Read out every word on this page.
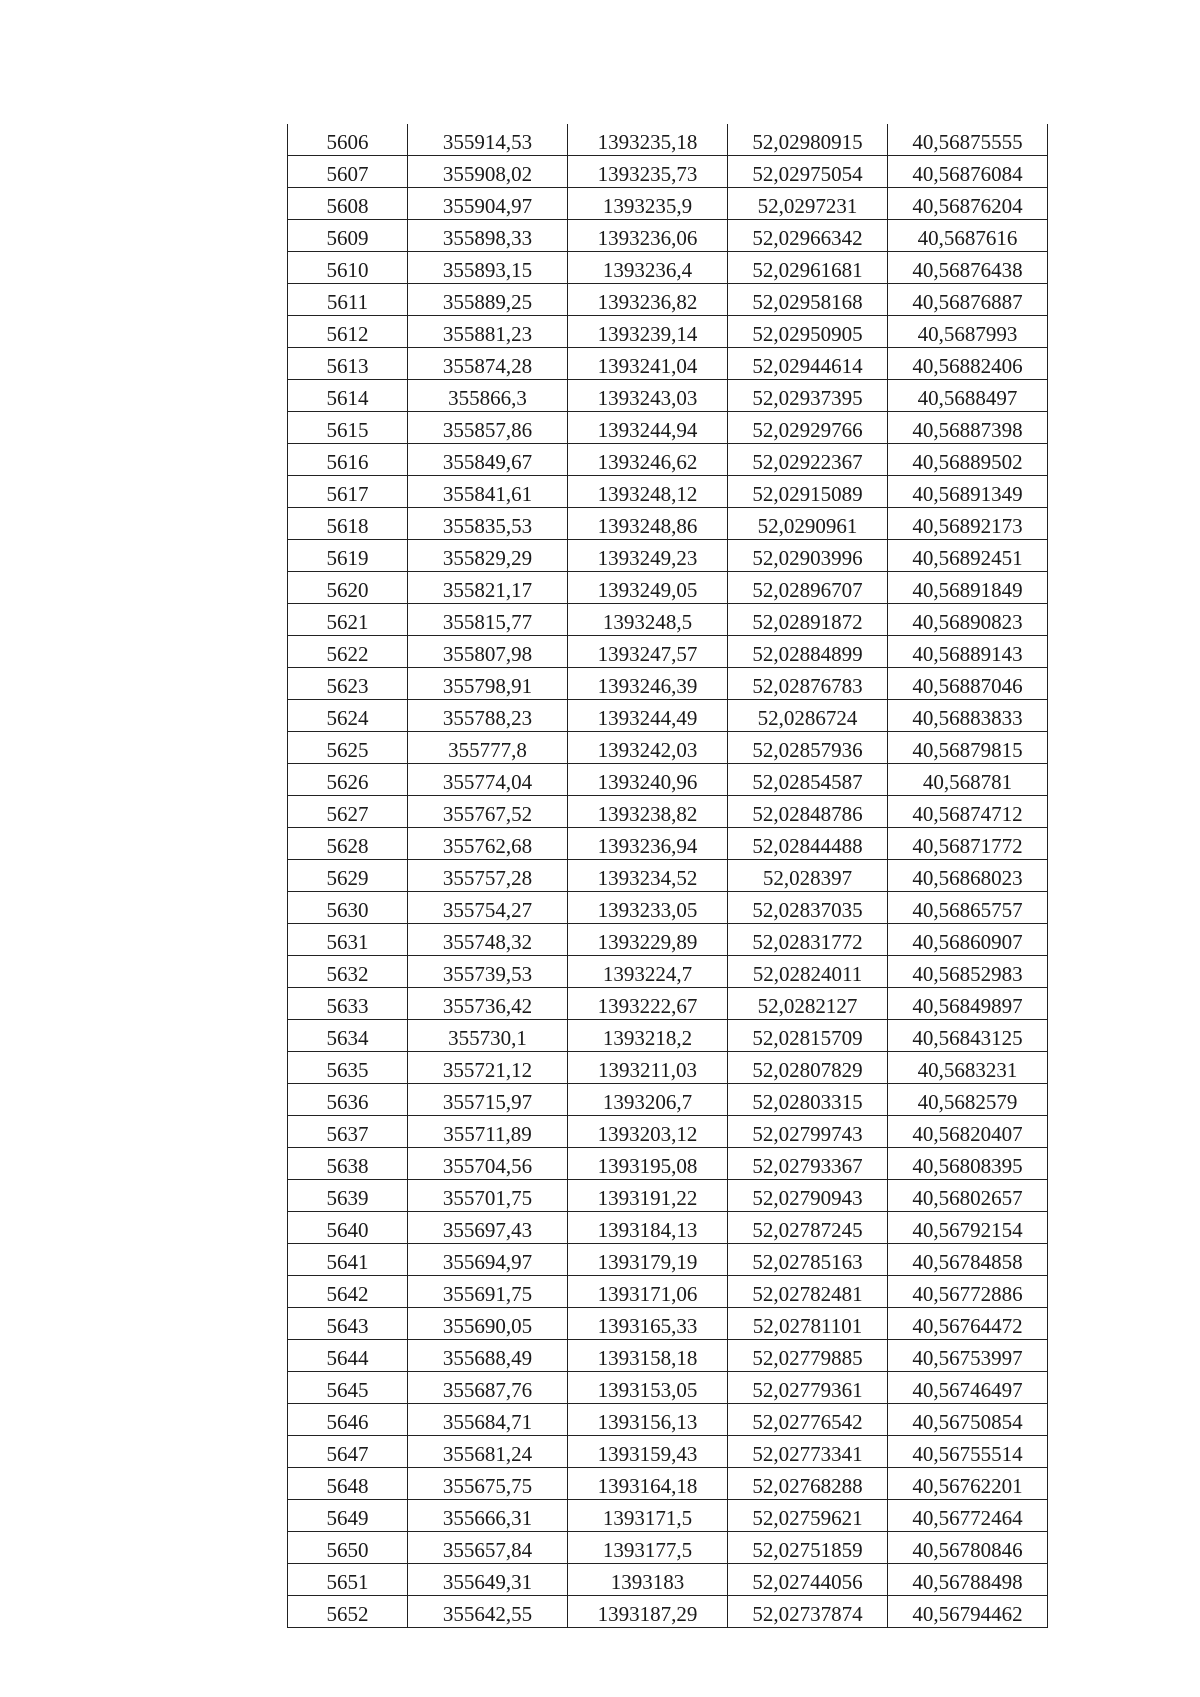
5606	355914,53	1393235,18	52,02980915	40,56875555
5607	355908,02	1393235,73	52,02975054	40,56876084
5608	355904,97	1393235,9	52,0297231	40,56876204
5609	355898,33	1393236,06	52,02966342	40,5687616
5610	355893,15	1393236,4	52,02961681	40,56876438
5611	355889,25	1393236,82	52,02958168	40,56876887
5612	355881,23	1393239,14	52,02950905	40,5687993
5613	355874,28	1393241,04	52,02944614	40,56882406
5614	355866,3	1393243,03	52,02937395	40,5688497
5615	355857,86	1393244,94	52,02929766	40,56887398
5616	355849,67	1393246,62	52,02922367	40,56889502
5617	355841,61	1393248,12	52,02915089	40,56891349
5618	355835,53	1393248,86	52,0290961	40,56892173
5619	355829,29	1393249,23	52,02903996	40,56892451
5620	355821,17	1393249,05	52,02896707	40,56891849
5621	355815,77	1393248,5	52,02891872	40,56890823
5622	355807,98	1393247,57	52,02884899	40,56889143
5623	355798,91	1393246,39	52,02876783	40,56887046
5624	355788,23	1393244,49	52,0286724	40,56883833
5625	355777,8	1393242,03	52,02857936	40,56879815
5626	355774,04	1393240,96	52,02854587	40,568781
5627	355767,52	1393238,82	52,02848786	40,56874712
5628	355762,68	1393236,94	52,02844488	40,56871772
5629	355757,28	1393234,52	52,028397	40,56868023
5630	355754,27	1393233,05	52,02837035	40,56865757
5631	355748,32	1393229,89	52,02831772	40,56860907
5632	355739,53	1393224,7	52,02824011	40,56852983
5633	355736,42	1393222,67	52,0282127	40,56849897
5634	355730,1	1393218,2	52,02815709	40,56843125
5635	355721,12	1393211,03	52,02807829	40,5683231
5636	355715,97	1393206,7	52,02803315	40,5682579
5637	355711,89	1393203,12	52,02799743	40,56820407
5638	355704,56	1393195,08	52,02793367	40,56808395
5639	355701,75	1393191,22	52,02790943	40,56802657
5640	355697,43	1393184,13	52,02787245	40,56792154
5641	355694,97	1393179,19	52,02785163	40,56784858
5642	355691,75	1393171,06	52,02782481	40,56772886
5643	355690,05	1393165,33	52,02781101	40,56764472
5644	355688,49	1393158,18	52,02779885	40,56753997
5645	355687,76	1393153,05	52,02779361	40,56746497
5646	355684,71	1393156,13	52,02776542	40,56750854
5647	355681,24	1393159,43	52,02773341	40,56755514
5648	355675,75	1393164,18	52,02768288	40,56762201
5649	355666,31	1393171,5	52,02759621	40,56772464
5650	355657,84	1393177,5	52,02751859	40,56780846
5651	355649,31	1393183	52,02744056	40,56788498
5652	355642,55	1393187,29	52,02737874	40,56794462
